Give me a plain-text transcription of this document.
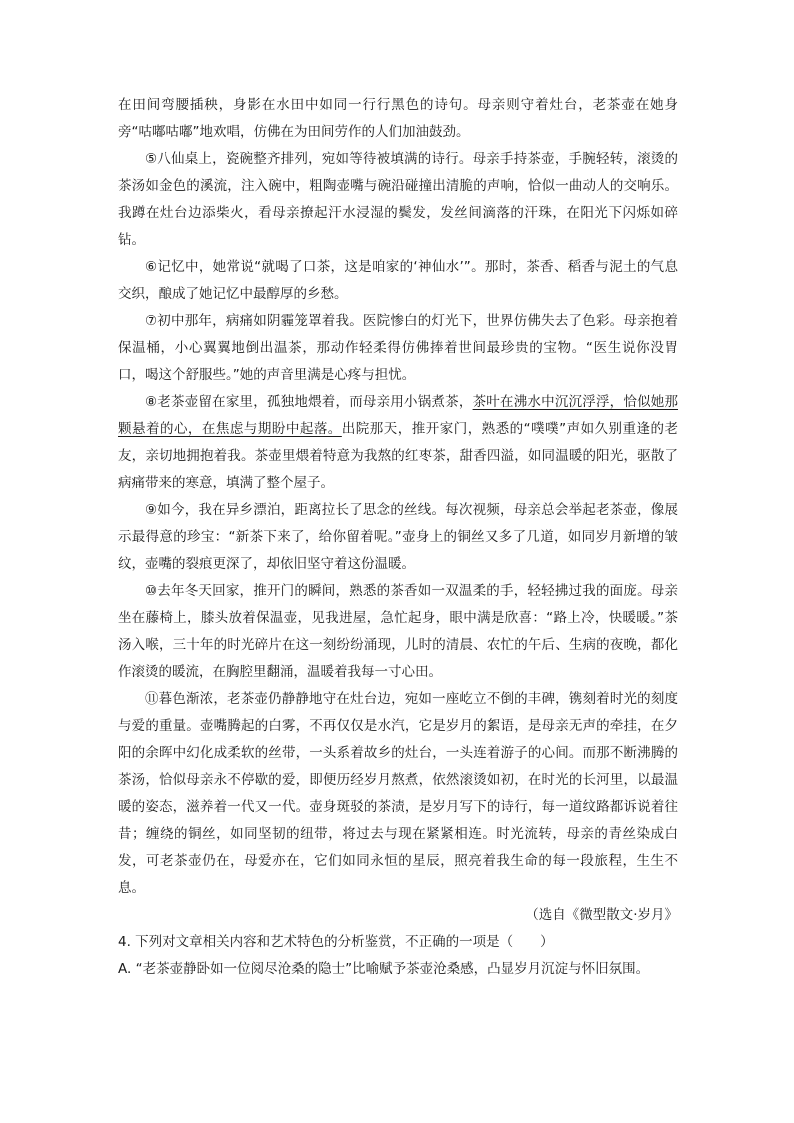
在田间弯腰插秧，身影在水田中如同一行行黑色的诗句。母亲则守着灶台，老茶壶在她身旁“咕嘟咕嘟”地欢唱，仿佛在为田间劳作的人们加油鼓劲。

⑤八仙桌上，瓷碗整齐排列，宛如等待被填满的诗行。母亲手持茶壶，手腕轻转，滚烫的茶汤如金色的溪流，注入碗中，粗陶壶嘴与碗沿碰撞出清脆的声响，恰似一曲动人的交响乐。我蹲在灶台边添柴火，看母亲撩起汗水浸湿的鬓发，发丝间滴落的汗珠，在阳光下闪烁如碎钻。

⑥记忆中，她常说“就喝了口茶，这是咱家的‘神仙水’”。那时，茶香、稻香与泥土的气息交织，酿成了她记忆中最醇厚的乡愁。

⑦初中那年，病痛如阴霾笼罩着我。医院惨白的灯光下，世界仿佛失去了色彩。母亲抱着保温桶，小心翼翼地倒出温茶，那动作轻柔得仿佛捧着世间最珍贵的宝物。“医生说你没胃口，喝这个舒服些。”她的声音里满是心疼与担忧。

⑧老茶壶留在家里，孤独地煨着，而母亲用小锅煮茶，茶叶在沸水中沉沉浮浮，恰似她那颗悬着的心，在焦虑与期盼中起落。出院那天，推开家门，熟悉的“噗噗”声如久别重逢的老友，亲切地拥抱着我。茶壶里煨着特意为我熬的红枣茶，甜香四溢，如同温暖的阳光，驱散了病痛带来的寒意，填满了整个屋子。

⑨如今，我在异乡漂泊，距离拉长了思念的丝线。每次视频，母亲总会举起老茶壶，像展示最得意的珍宝：“新茶下来了，给你留着呢。”壶身上的铜丝又多了几道，如同岁月新增的皱纹，壶嘴的裂痕更深了，却依旧坚守着这份温暖。

⑩去年冬天回家，推开门的瞬间，熟悉的茶香如一双温柔的手，轻轻拂过我的面庞。母亲坐在藤椅上，膝头放着保温壶，见我进屋，急忙起身，眼中满是欣喜：“路上冷，快暖暖。”茶汤入喉，三十年的时光碎片在这一刻纷纷涌现，儿时的清晨、农忙的午后、生病的夜晚，都化作滚烫的暖流，在胸腔里翻涌，温暖着我每一寸心田。

⑪暮色渐浓，老茶壶仍静静地守在灶台边，宛如一座屹立不倒的丰碑，镌刻着时光的刻度与爱的重量。壶嘴腾起的白雾，不再仅仅是水汽，它是岁月的絮语，是母亲无声的牵挂，在夕阳的余晖中幻化成柔软的丝带，一头系着故乡的灶台，一头连着游子的心间。而那不断沸腾的茶汤，恰似母亲永不停歇的爱，即便历经岁月熬煮，依然滚烫如初，在时光的长河里，以最温暖的姿态，滋养着一代又一代。壶身斑驳的茶渍，是岁月写下的诗行，每一道纹路都诉说着往昔；缠绕的铜丝，如同坚韧的纽带，将过去与现在紧紧相连。时光流转，母亲的青丝染成白发，可老茶壶仍在，母爱亦在，它们如同永恒的星辰，照亮着我生命的每一段旅程，生生不息。

（选自《微型散文·岁月》

4. 下列对文章相关内容和艺术特色的分析鉴赏，不正确的一项是（　　）

A. “老茶壶静卧如一位阅尽沧桑的隐士”比喻赋予茶壶沧桑感，凸显岁月沉淀与怀旧氛围。
